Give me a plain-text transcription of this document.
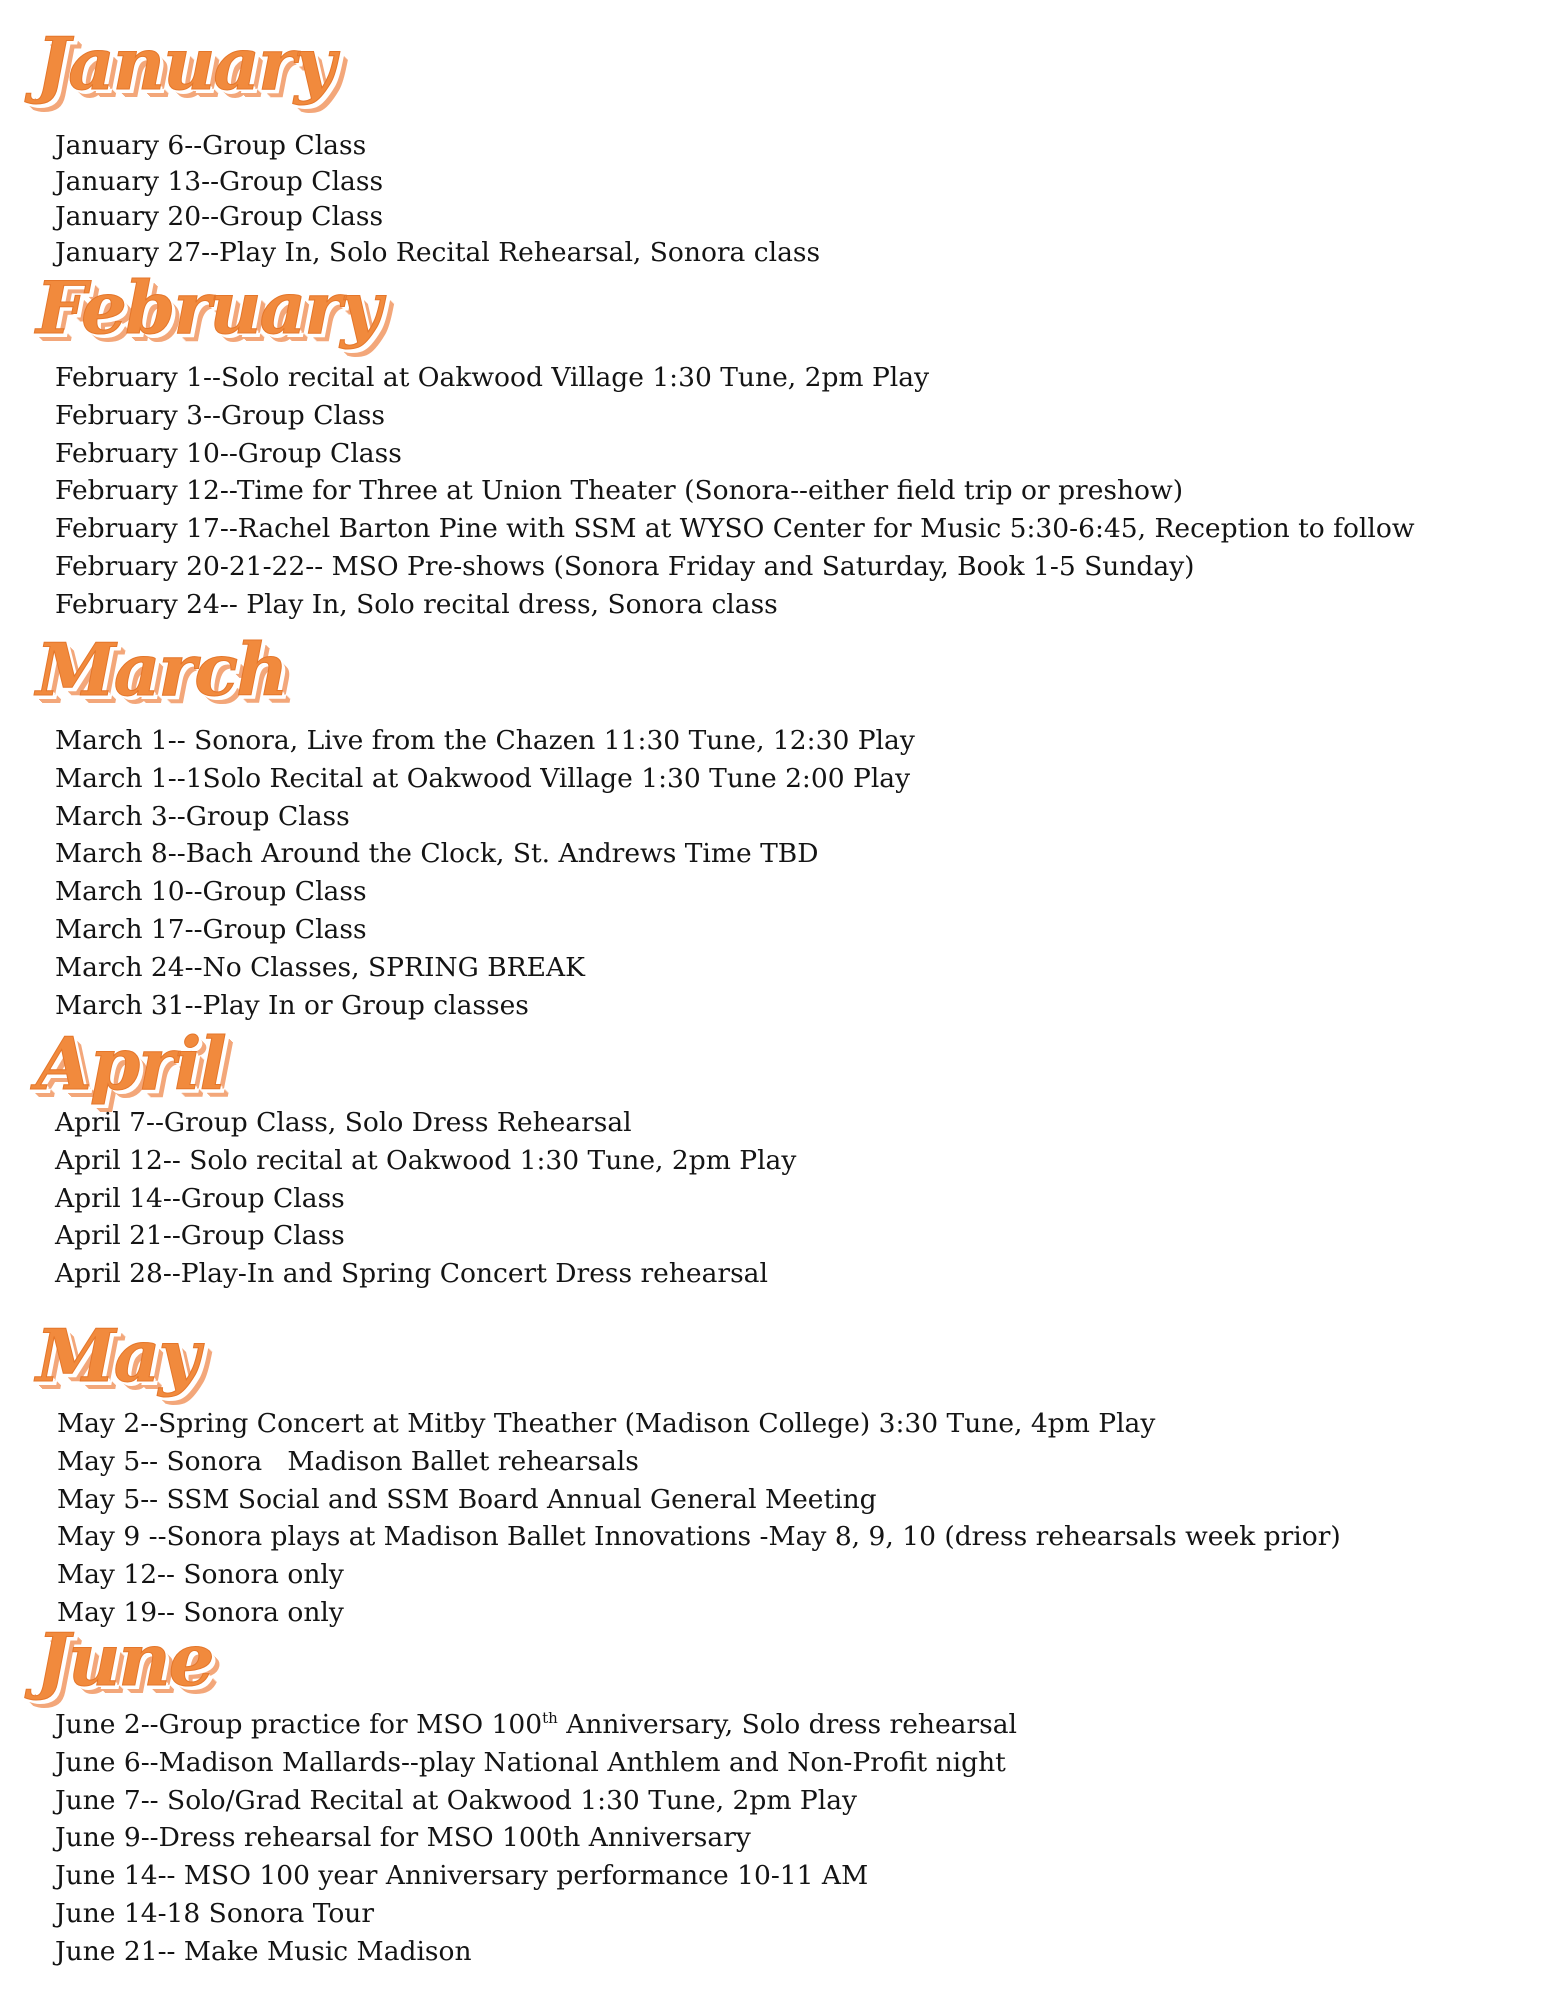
January
January 6--Group Class
January 13--Group Class
January 20--Group Class
January 27--Play In, Solo Recital Rehearsal, Sonora class
February
February 1--Solo recital at Oakwood Village 1:30 Tune, 2pm Play
February 3--Group Class
February 10--Group Class
February 12--Time for Three at Union Theater (Sonora--either field trip or preshow)
February 17--Rachel Barton Pine with SSM at WYSO Center for Music 5:30-6:45, Reception to follow
February 20-21-22-- MSO Pre-shows (Sonora Friday and Saturday, Book 1-5 Sunday)
February 24-- Play In, Solo recital dress, Sonora class
March
March 1-- Sonora, Live from the Chazen 11:30 Tune, 12:30 Play
March 1--1Solo Recital at Oakwood Village 1:30 Tune 2:00 Play
March 3--Group Class
March 8--Bach Around the Clock, St. Andrews Time TBD
March 10--Group Class
March 17--Group Class
March 24--No Classes, SPRING BREAK
March 31--Play In or Group classes
April
April 7--Group Class, Solo Dress Rehearsal
April 12-- Solo recital at Oakwood 1:30 Tune, 2pm Play
April 14--Group Class
April 21--Group Class
April 28--Play-In and Spring Concert Dress rehearsal
May
May 2--Spring Concert at Mitby Theather (Madison College) 3:30 Tune, 4pm Play
May 5-- Sonora   Madison Ballet rehearsals
May 5-- SSM Social and SSM Board Annual General Meeting
May 9 --Sonora plays at Madison Ballet Innovations -May 8, 9, 10 (dress rehearsals week prior)
May 12-- Sonora only
May 19-- Sonora only
June
June 2--Group practice for MSO 100th Anniversary, Solo dress rehearsal
June 6--Madison Mallards--play National Anthlem and Non-Profit night
June 7-- Solo/Grad Recital at Oakwood 1:30 Tune, 2pm Play
June 9--Dress rehearsal for MSO 100th Anniversary
June 14-- MSO 100 year Anniversary performance 10-11 AM
June 14-18 Sonora Tour
June 21-- Make Music Madison
